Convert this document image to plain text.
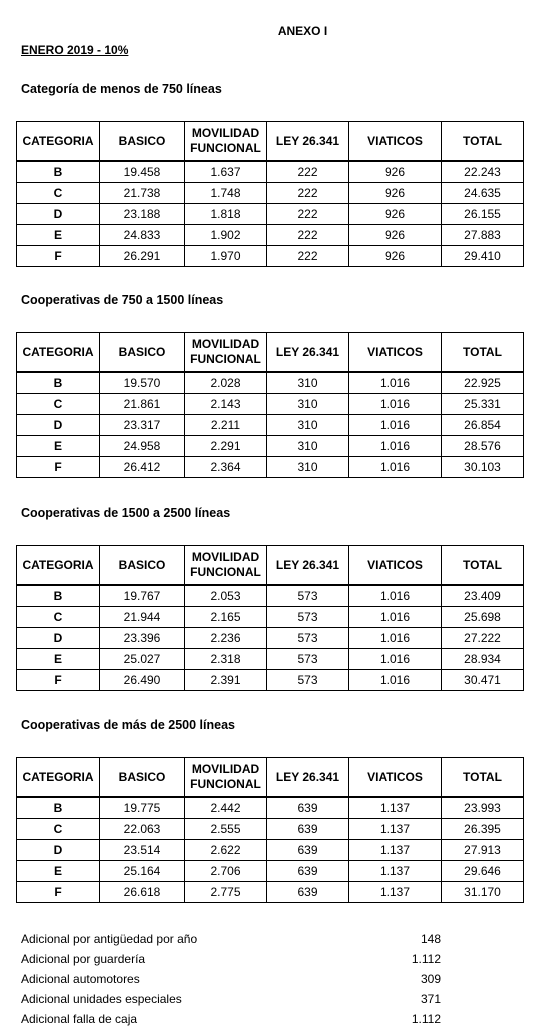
ANEXO I
ENERO 2019 - 10%
Categoría de menos de 750 líneas
CATEGORIA	BASICO	MOVILIDAD FUNCIONAL	LEY 26.341	VIATICOS	TOTAL
B	19.458	1.637	222	926	22.243
C	21.738	1.748	222	926	24.635
D	23.188	1.818	222	926	26.155
E	24.833	1.902	222	926	27.883
F	26.291	1.970	222	926	29.410
Cooperativas de 750 a 1500 líneas
CATEGORIA	BASICO	MOVILIDAD FUNCIONAL	LEY 26.341	VIATICOS	TOTAL
B	19.570	2.028	310	1.016	22.925
C	21.861	2.143	310	1.016	25.331
D	23.317	2.211	310	1.016	26.854
E	24.958	2.291	310	1.016	28.576
F	26.412	2.364	310	1.016	30.103
Cooperativas de 1500 a 2500 líneas
CATEGORIA	BASICO	MOVILIDAD FUNCIONAL	LEY 26.341	VIATICOS	TOTAL
B	19.767	2.053	573	1.016	23.409
C	21.944	2.165	573	1.016	25.698
D	23.396	2.236	573	1.016	27.222
E	25.027	2.318	573	1.016	28.934
F	26.490	2.391	573	1.016	30.471
Cooperativas de más de 2500 líneas
CATEGORIA	BASICO	MOVILIDAD FUNCIONAL	LEY 26.341	VIATICOS	TOTAL
B	19.775	2.442	639	1.137	23.993
C	22.063	2.555	639	1.137	26.395
D	23.514	2.622	639	1.137	27.913
E	25.164	2.706	639	1.137	29.646
F	26.618	2.775	639	1.137	31.170
Adicional por antigüedad por año	148
Adicional por guardería	1.112
Adicional automotores	309
Adicional unidades especiales	371
Adicional falla de caja	1.112
